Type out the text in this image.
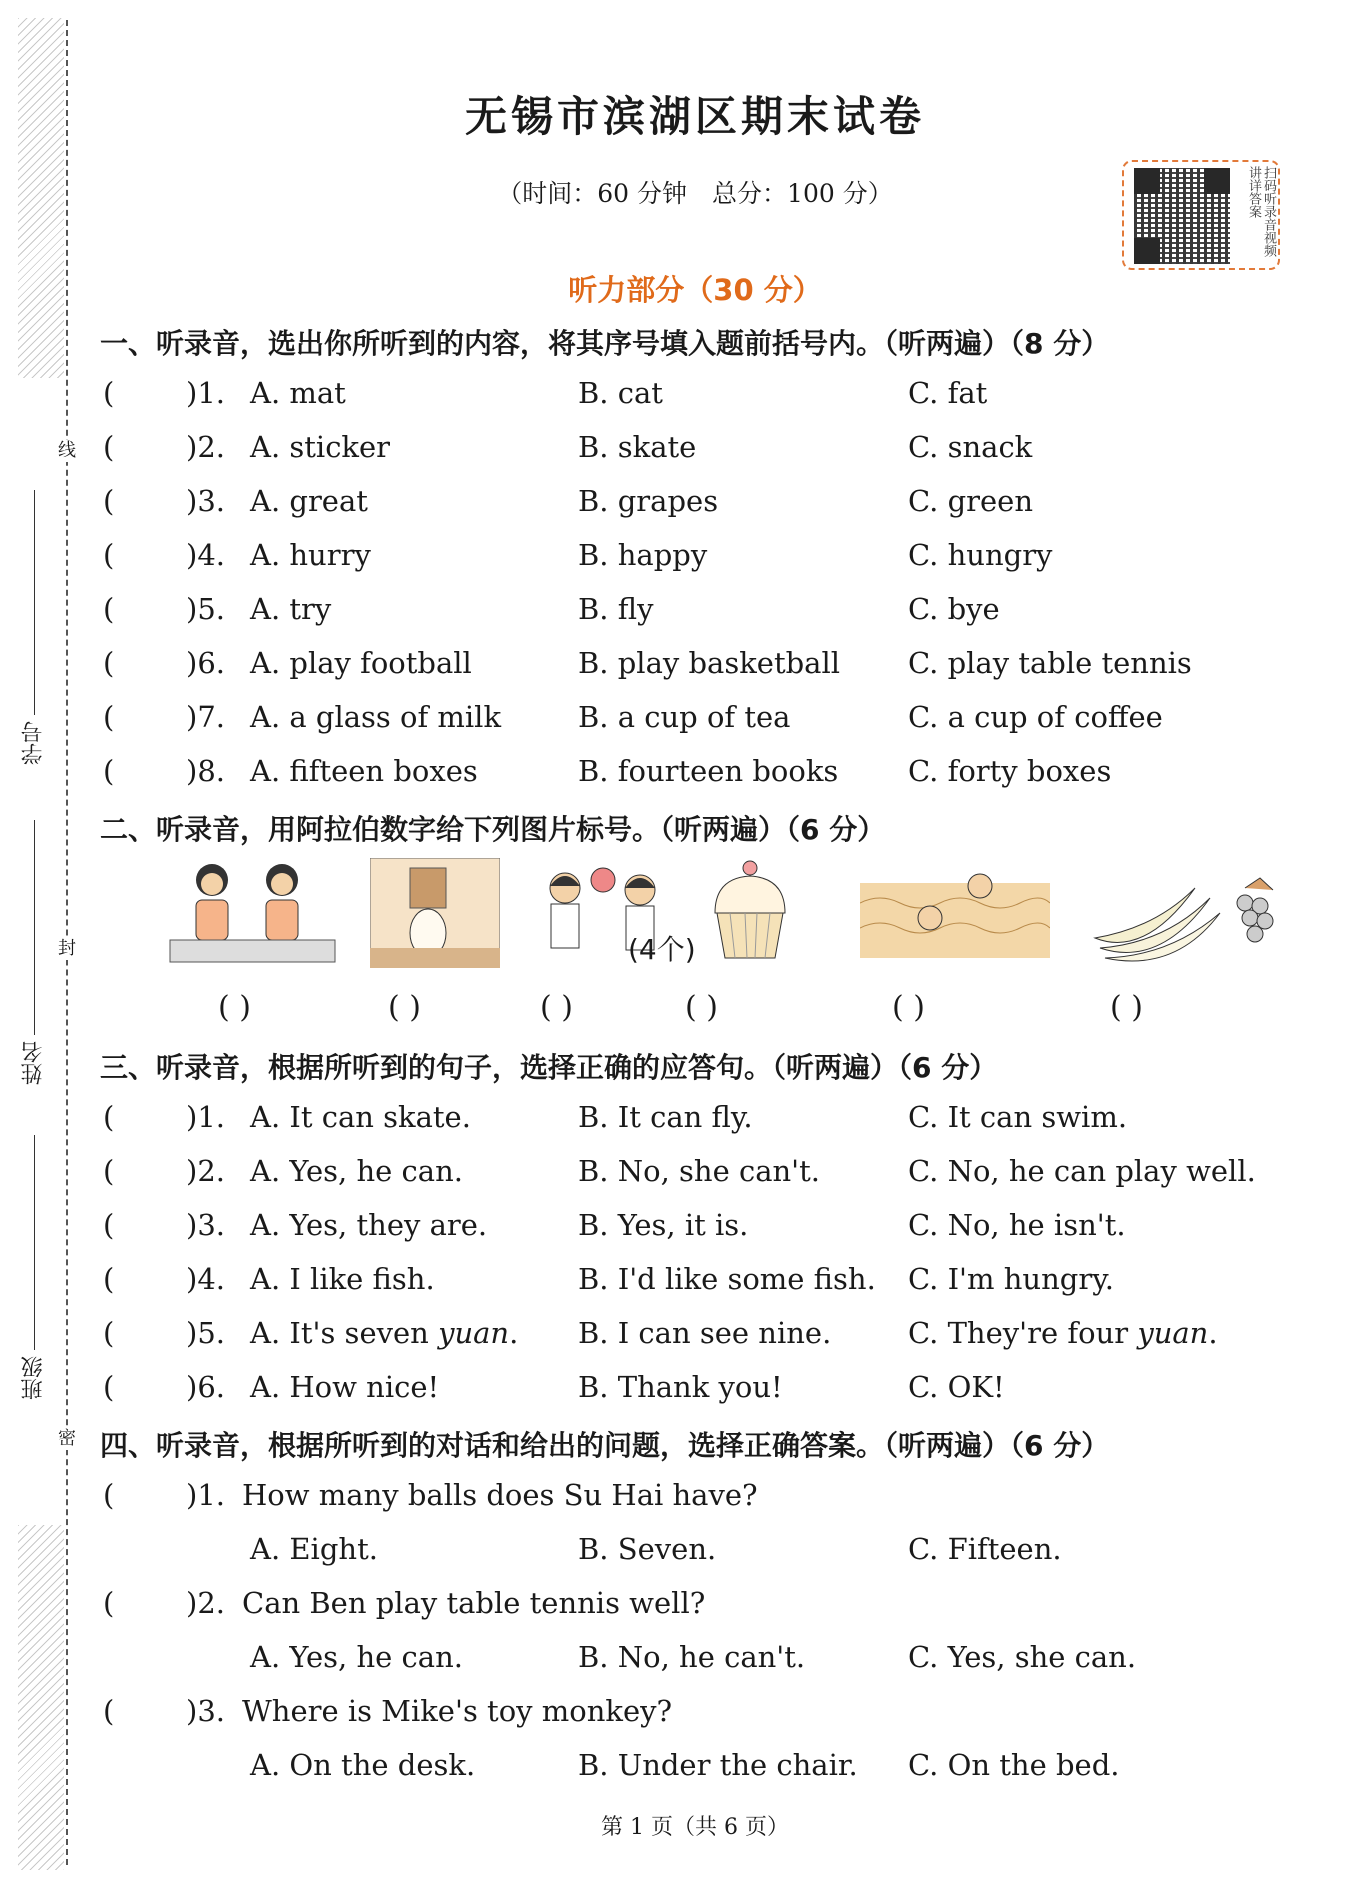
线
封
密
学号
姓名
班级
无锡市滨湖区期末试卷
（时间：60 分钟　总分：100 分）	扫码听录音视频讲详答案
听力部分（30 分）
一、听录音，选出你所听到的内容，将其序号填入题前括号内。（听两遍）（8 分）
( )1. A. mat	B. cat	C. fat
( )2. A. sticker	B. skate	C. snack
( )3. A. great	B. grapes	C. green
( )4. A. hurry	B. happy	C. hungry
( )5. A. try	B. fly	C. bye
( )6. A. play football	B. play basketball C. play table tennis
( )7. A. a glass of milk	B. a cup of tea	C. a cup of coffee
( )8. A. fifteen boxes	B. fourteen books C. forty boxes
二、听录音，用阿拉伯数字给下列图片标号。（听两遍）（6 分）
(4个)
( )	( )	( )	( )	( )	( )
三、听录音，根据所听到的句子，选择正确的应答句。（听两遍）（6 分）
( )1. A. It can skate.	B. It can fly.	C. It can swim.
( )2. A. Yes, he can.	B. No, she can't.	C. No, he can play well.
( )3. A. Yes, they are.	B. Yes, it is.	C. No, he isn't.
( )4. A. I like fish.	B. I'd like some fish. C. I'm hungry.
( )5. A. It's seven yuan. B. I can see nine.	C. They're four yuan.
( )6. A. How nice!	B. Thank you!	C. OK!
四、听录音，根据所听到的对话和给出的问题，选择正确答案。（听两遍）（6 分）
( )1. How many balls does Su Hai have?
A. Eight.	B. Seven.	C. Fifteen.
( )2. Can Ben play table tennis well?
A. Yes, he can.	B. No, he can't.	C. Yes, she can.
( )3. Where is Mike's toy monkey?
A. On the desk.	B. Under the chair. C. On the bed.
第 1 页（共 6 页）
